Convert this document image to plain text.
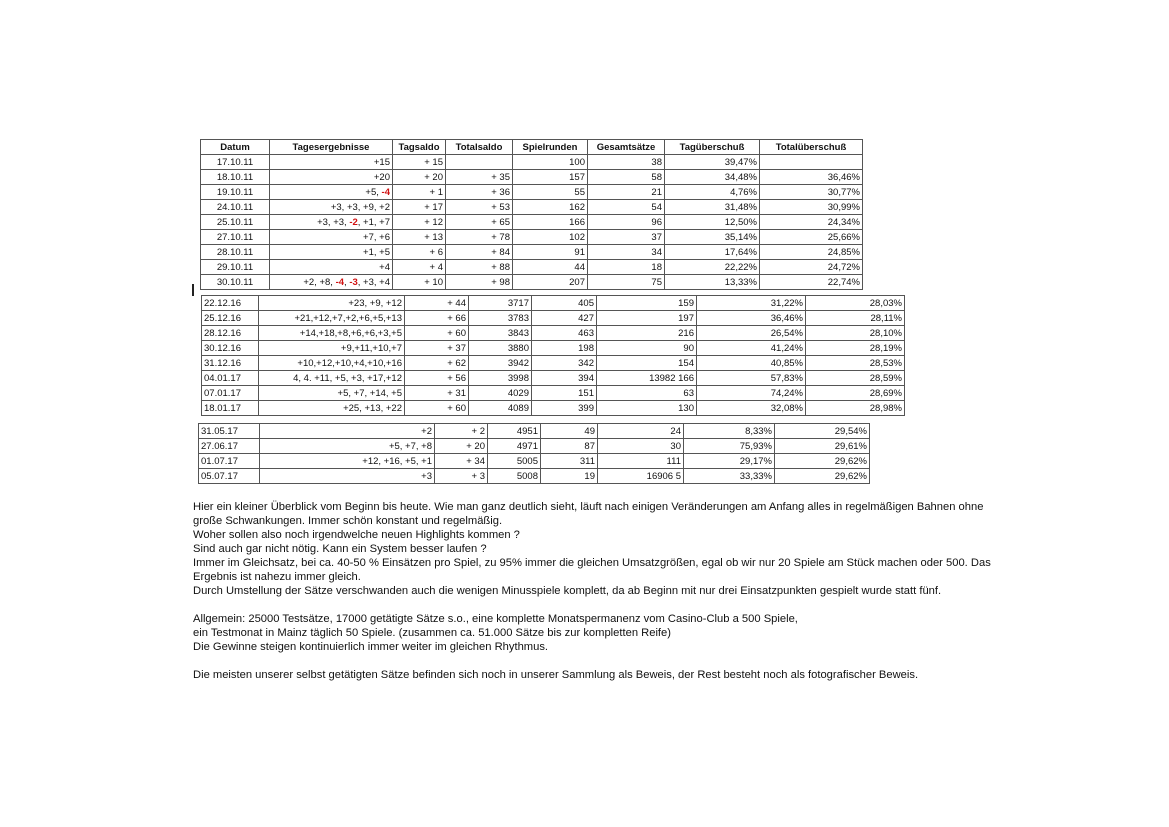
Datum	Tagesergebnisse	Tagsaldo	Totalsaldo	Spielrunden	Gesamtsätze	Tagüberschuß	Totalüberschuß
17.10.11	+15	+ 15		100	38	39,47%	
18.10.11	+20	+ 20	+ 35	157	58	34,48%	36,46%
19.10.11	+5, -4	+ 1	+ 36	55	21	4,76%	30,77%
24.10.11	+3, +3, +9, +2	+ 17	+ 53	162	54	31,48%	30,99%
25.10.11	+3, +3, -2, +1, +7	+ 12	+ 65	166	96	12,50%	24,34%
27.10.11	+7, +6	+ 13	+ 78	102	37	35,14%	25,66%
28.10.11	+1, +5	+ 6	+ 84	91	34	17,64%	24,85%
29.10.11	+4	+ 4	+ 88	44	18	22,22%	24,72%
30.10.11	+2, +8, -4, -3, +3, +4	+ 10	+ 98	207	75	13,33%	22,74%
22.12.16	+23, +9, +12	+ 44	3717	405	159	31,22%	28,03%
25.12.16	+21,+12,+7,+2,+6,+5,+13	+ 66	3783	427	197	36,46%	28,11%
28.12.16	+14,+18,+8,+6,+6,+3,+5	+ 60	3843	463	216	26,54%	28,10%
30.12.16	+9,+11,+10,+7	+ 37	3880	198	90	41,24%	28,19%
31.12.16	+10,+12,+10,+4,+10,+16	+ 62	3942	342	154	40,85%	28,53%
04.01.17	4, 4. +11, +5, +3, +17,+12	+ 56	3998	394	13982 166	57,83%	28,59%
07.01.17	+5, +7, +14, +5	+ 31	4029	151	63	74,24%	28,69%
18.01.17	+25, +13, +22	+ 60	4089	399	130	32,08%	28,98%
31.05.17	+2	+ 2	4951	49	24	8,33%	29,54%
27.06.17	+5, +7, +8	+ 20	4971	87	30	75,93%	29,61%
01.07.17	+12, +16, +5, +1	+ 34	5005	311	111	29,17%	29,62%
05.07.17	+3	+ 3	5008	19	16906 5	33,33%	29,62%

Hier ein kleiner Überblick vom Beginn bis heute. Wie man ganz deutlich sieht, läuft nach einigen Veränderungen am Anfang alles in regelmäßigen Bahnen ohne große Schwankungen. Immer schön konstant und regelmäßig.

Woher sollen also noch irgendwelche neuen Highlights kommen ?

Sind auch gar nicht nötig. Kann ein System besser laufen ?

Immer im Gleichsatz, bei ca. 40-50 % Einsätzen pro Spiel, zu 95% immer die gleichen Umsatzgrößen, egal ob wir nur 20 Spiele am Stück machen oder 500. Das Ergebnis ist nahezu immer gleich.

Durch Umstellung der Sätze verschwanden auch die wenigen Minusspiele komplett, da ab Beginn mit nur drei Einsatzpunkten gespielt wurde statt fünf.

Allgemein: 25000 Testsätze, 17000 getätigte Sätze s.o., eine komplette Monatspermanenz vom Casino-Club a 500 Spiele,

ein Testmonat in Mainz täglich 50 Spiele. (zusammen ca. 51.000 Sätze bis zur kompletten Reife)

Die Gewinne steigen kontinuierlich immer weiter im gleichen Rhythmus.

Die meisten unserer selbst getätigten Sätze befinden sich noch in unserer Sammlung als Beweis, der Rest besteht noch als fotografischer Beweis.
